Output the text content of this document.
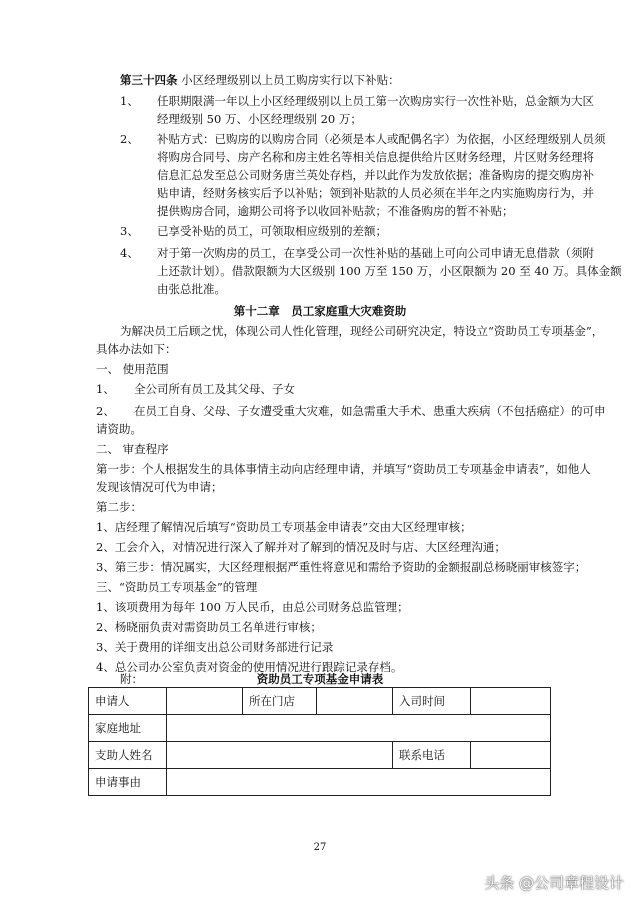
第三十四条 小区经理级别以上员工购房实行以下补贴：
1、 任职期限满一年以上小区经理级别以上员工第一次购房实行一次性补贴，总金额为大区
经理级别 50 万、小区经理级别 20 万；
2、 补贴方式：已购房的以购房合同（必须是本人或配偶名字）为依据，小区经理级别人员须
将购房合同号、房产名称和房主姓名等相关信息提供给片区财务经理，片区财务经理将
信息汇总发至总公司财务唐兰英处存档，并以此作为发放依据；准备购房的提交购房补
贴申请，经财务核实后予以补贴；领到补贴款的人员必须在半年之内实施购房行为，并
提供购房合同，逾期公司将予以收回补贴款；不准备购房的暂不补贴；
3、 已享受补贴的员工，可领取相应级别的差额；
4、 对于第一次购房的员工，在享受公司一次性补贴的基础上可向公司申请无息借款（须附
上还款计划）。借款限额为大区级别 100 万至 150 万，小区限额为 20 至 40 万。具体金额
由张总批准。
第十二章　员工家庭重大灾难资助
为解决员工后顾之忧，体现公司人性化管理，现经公司研究决定，特设立“资助员工专项基金”，
具体办法如下：
一、 使用范围
1、 全公司所有员工及其父母、子女
2、 在员工自身、父母、子女遭受重大灾难，如急需重大手术、患重大疾病（不包括癌症）的可申
请资助。
二、 审查程序
第一步：个人根据发生的具体事情主动向店经理申请，并填写“资助员工专项基金申请表”，如他人
发现该情况可代为申请；
第二步：
1、店经理了解情况后填写“资助员工专项基金申请表”交由大区经理审核；
2、工会介入，对情况进行深入了解并对了解到的情况及时与店、大区经理沟通；
3、第三步：情况属实，大区经理根据严重性将意见和需给予资助的金额报副总杨晓丽审核签字；
三、“资助员工专项基金”的管理
1、该项费用为每年 100 万人民币，由总公司财务总监管理；
2、杨晓丽负责对需资助员工名单进行审核；
3、关于费用的详细支出总公司财务部进行记录
4、总公司办公室负责对资金的使用情况进行跟踪记录存档。
附：	资助员工专项基金申请表
申请人		所在门店		入司时间	
家庭地址					
支助人姓名				联系电话	
申请事由					
27
头条 @公司章程设计
